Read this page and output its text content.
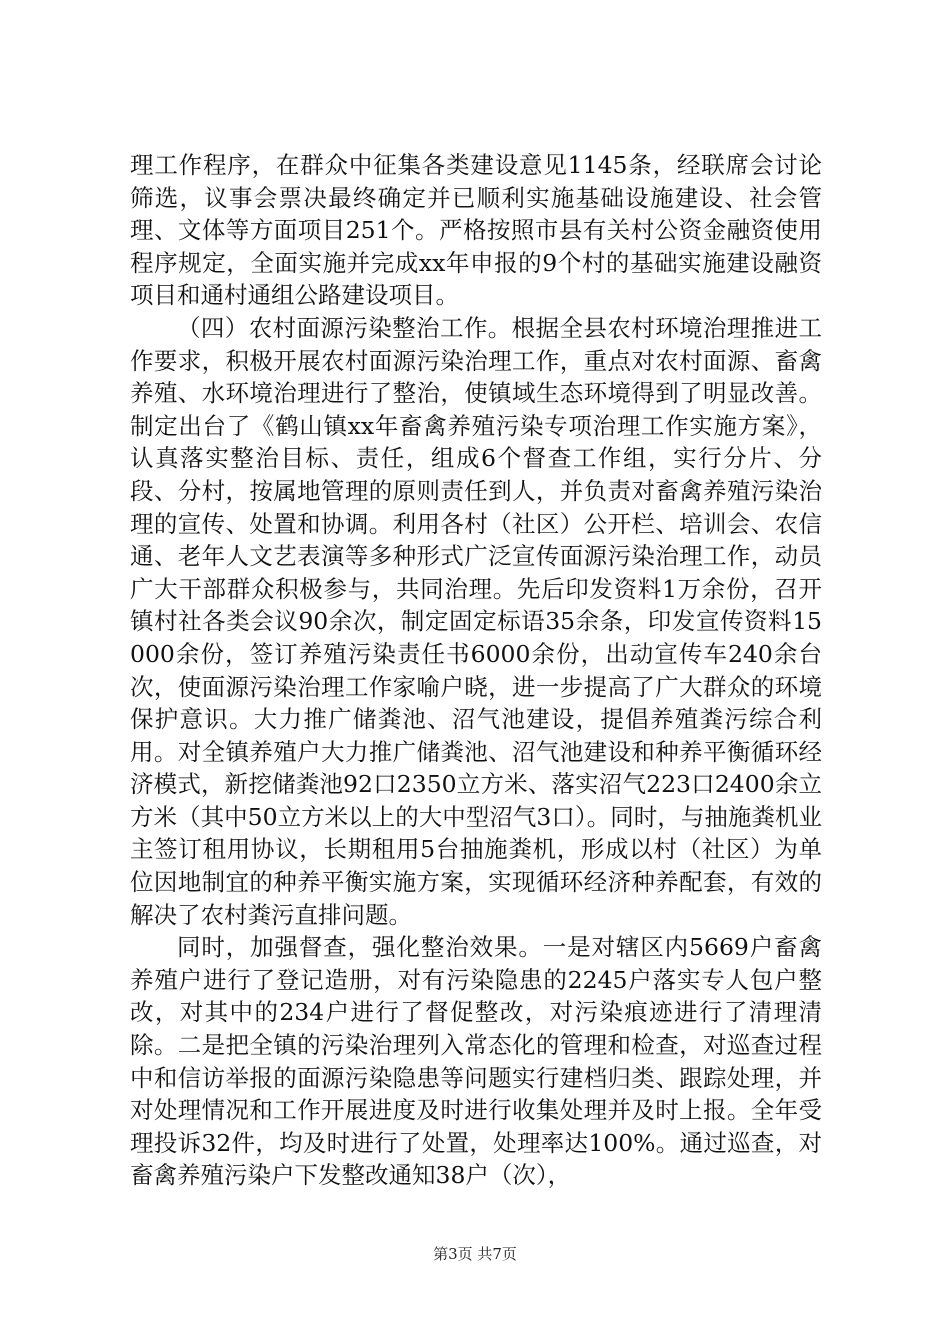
理工作程序，在群众中征集各类建设意见1145条，经联席会讨论筛选，议事会票决最终确定并已顺利实施基础设施建设、社会管理、文体等方面项目251个。严格按照市县有关村公资金融资使用程序规定，全面实施并完成xx年申报的9个村的基础实施建设融资项目和通村通组公路建设项目。

（四）农村面源污染整治工作。根据全县农村环境治理推进工作要求，积极开展农村面源污染治理工作，重点对农村面源、畜禽养殖、水环境治理进行了整治，使镇域生态环境得到了明显改善。制定出台了《鹤山镇xx年畜禽养殖污染专项治理工作实施方案》，认真落实整治目标、责任，组成6个督查工作组，实行分片、分段、分村，按属地管理的原则责任到人，并负责对畜禽养殖污染治理的宣传、处置和协调。利用各村（社区）公开栏、培训会、农信通、老年人文艺表演等多种形式广泛宣传面源污染治理工作，动员广大干部群众积极参与，共同治理。先后印发资料1万余份，召开镇村社各类会议90余次，制定固定标语35余条，印发宣传资料15000余份，签订养殖污染责任书6000余份，出动宣传车240余台次，使面源污染治理工作家喻户晓，进一步提高了广大群众的环境保护意识。大力推广储粪池、沼气池建设，提倡养殖粪污综合利用。对全镇养殖户大力推广储粪池、沼气池建设和种养平衡循环经济模式，新挖储粪池92口2350立方米、落实沼气223口2400余立方米（其中50立方米以上的大中型沼气3口）。同时，与抽施粪机业主签订租用协议，长期租用5台抽施粪机，形成以村（社区）为单位因地制宜的种养平衡实施方案，实现循环经济种养配套，有效的解决了农村粪污直排问题。

同时，加强督查，强化整治效果。一是对辖区内5669户畜禽养殖户进行了登记造册，对有污染隐患的2245户落实专人包户整改，对其中的234户进行了督促整改，对污染痕迹进行了清理清除。二是把全镇的污染治理列入常态化的管理和检查，对巡查过程中和信访举报的面源污染隐患等问题实行建档归类、跟踪处理，并对处理情况和工作开展进度及时进行收集处理并及时上报。全年受理投诉32件，均及时进行了处置，处理率达100%。通过巡查，对畜禽养殖污染户下发整改通知38户（次），

第3页 共7页
